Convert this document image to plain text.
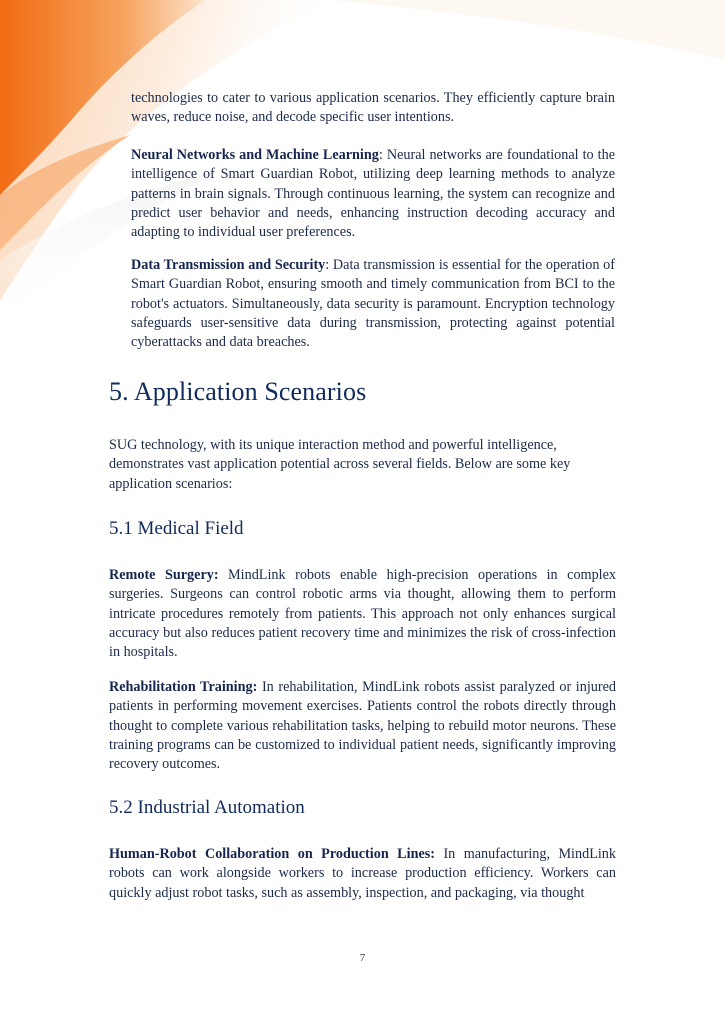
technologies to cater to various application scenarios. They efficiently capture brain waves, reduce noise, and decode specific user intentions.

Neural Networks and Machine Learning: Neural networks are foundational to the intelligence of Smart Guardian Robot, utilizing deep learning methods to analyze patterns in brain signals. Through continuous learning, the system can recognize and predict user behavior and needs, enhancing instruction decoding accuracy and adapting to individual user preferences.

Data Transmission and Security: Data transmission is essential for the operation of Smart Guardian Robot, ensuring smooth and timely communication from BCI to the robot's actuators. Simultaneously, data security is paramount. Encryption technology safeguards user-sensitive data during transmission, protecting against potential cyberattacks and data breaches.

5. Application Scenarios

SUG technology, with its unique interaction method and powerful intelligence, demonstrates vast application potential across several fields. Below are some key application scenarios:

5.1 Medical Field

Remote Surgery: MindLink robots enable high-precision operations in complex surgeries. Surgeons can control robotic arms via thought, allowing them to perform intricate procedures remotely from patients. This approach not only enhances surgical accuracy but also reduces patient recovery time and minimizes the risk of cross-infection in hospitals.

Rehabilitation Training: In rehabilitation, MindLink robots assist paralyzed or injured patients in performing movement exercises. Patients control the robots directly through thought to complete various rehabilitation tasks, helping to rebuild motor neurons. These training programs can be customized to individual patient needs, significantly improving recovery outcomes.

5.2 Industrial Automation

Human-Robot Collaboration on Production Lines: In manufacturing, MindLink robots can work alongside workers to increase production efficiency. Workers can quickly adjust robot tasks, such as assembly, inspection, and packaging, via thought

7
